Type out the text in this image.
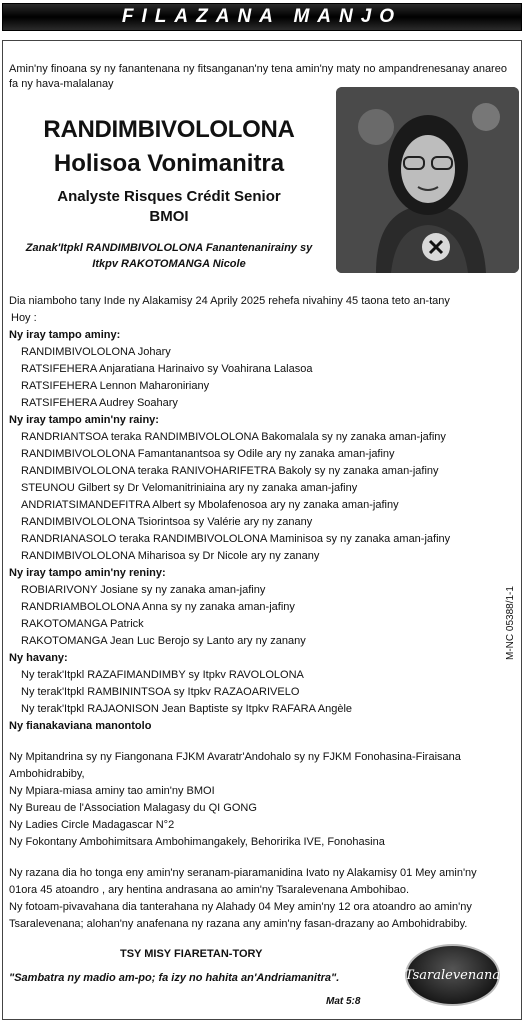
FILAZANA MANJO
Amin'ny finoana sy ny fanantenana ny fitsanganan'ny tena amin'ny maty no ampandrenesanay anareo fa ny hava-malalanay
RANDIMBIVOLOLONA
Holisoa Vonimanitra
Analyste Risques Crédit Senior
BMOI
Zanak'Itpkl RANDIMBIVOLOLONA Fanantenanirainy sy
Itkpv RAKOTOMANGA Nicole
Dia niamboho tany Inde ny Alakamisy 24 Aprily 2025 rehefa nivahiny 45 taona teto an-tany
Hoy :
Ny iray tampo aminy:
RANDIMBIVOLOLONA Johary
RATSIFEHERA Anjaratiana Harinaivo sy Voahirana Lalasoa
RATSIFEHERA Lennon Maharoniriany
RATSIFEHERA Audrey Soahary
Ny iray tampo amin'ny rainy:
RANDRIANTSOA teraka RANDIMBIVOLOLONA Bakomalala sy ny zanaka aman-jafiny
RANDIMBIVOLOLONA Famantanantsoa sy Odile ary ny zanaka aman-jafiny
RANDIMBIVOLOLONA teraka RANIVOHARIFETRA Bakoly sy ny zanaka aman-jafiny
STEUNOU Gilbert sy Dr Velomanitriniaina ary ny zanaka aman-jafiny
ANDRIATSIMANDEFITRA Albert sy Mbolafenosoa ary ny zanaka aman-jafiny
RANDIMBIVOLOLONA Tsiorintsoa sy Valérie ary ny zanany
RANDRIANASOLO teraka RANDIMBIVOLOLONA Maminisoa sy ny zanaka aman-jafiny
RANDIMBIVOLOLONA Miharisoa sy Dr Nicole ary ny zanany
Ny iray tampo amin'ny reniny:
ROBIARIVONY Josiane sy ny zanaka aman-jafiny
RANDRIAMBOLOLONA Anna sy ny zanaka aman-jafiny
RAKOTOMANGA Patrick
RAKOTOMANGA Jean Luc Berojo sy Lanto ary ny zanany
Ny havany:
Ny terak'Itpkl RAZAFIMANDIMBY sy Itpkv RAVOLOLONA
Ny terak'Itpkl RAMBININTSOA sy Itpkv RAZAOARIVELO
Ny terak'Itpkl RAJAONISON Jean Baptiste sy Itpkv RAFARA Angèle
Ny fianakaviana manontolo
Ny Mpitandrina sy ny Fiangonana FJKM Avaratr'Andohalo sy ny FJKM Fonohasina-Firaisana
Ambohidrabiby,
Ny Mpiara-miasa aminy tao amin'ny BMOI
Ny Bureau de l'Association Malagasy du QI GONG
Ny Ladies Circle Madagascar N°2
Ny Fokontany Ambohimitsara Ambohimangakely, Behoririka IVE, Fonohasina
Ny razana dia ho tonga eny amin'ny seranam-piaramanidina Ivato ny Alakamisy 01 Mey amin'ny
01ora 45 atoandro , ary hentina andrasana ao amin'ny Tsaralevenana Ambohibao.
Ny fotoam-pivavahana dia tanterahana ny Alahady 04 Mey amin'ny 12 ora atoandro ao amin'ny
Tsaralevenana; alohan'ny anafenana ny razana any amin'ny fasan-drazany ao Ambohidrabiby.
M-NC 05388/1-1
TSY MISY FIARETAN-TORY
"Sambatra ny madio am-po; fa izy no hahita an'Andriamanitra".
Mat 5:8
Tsaralevenana
